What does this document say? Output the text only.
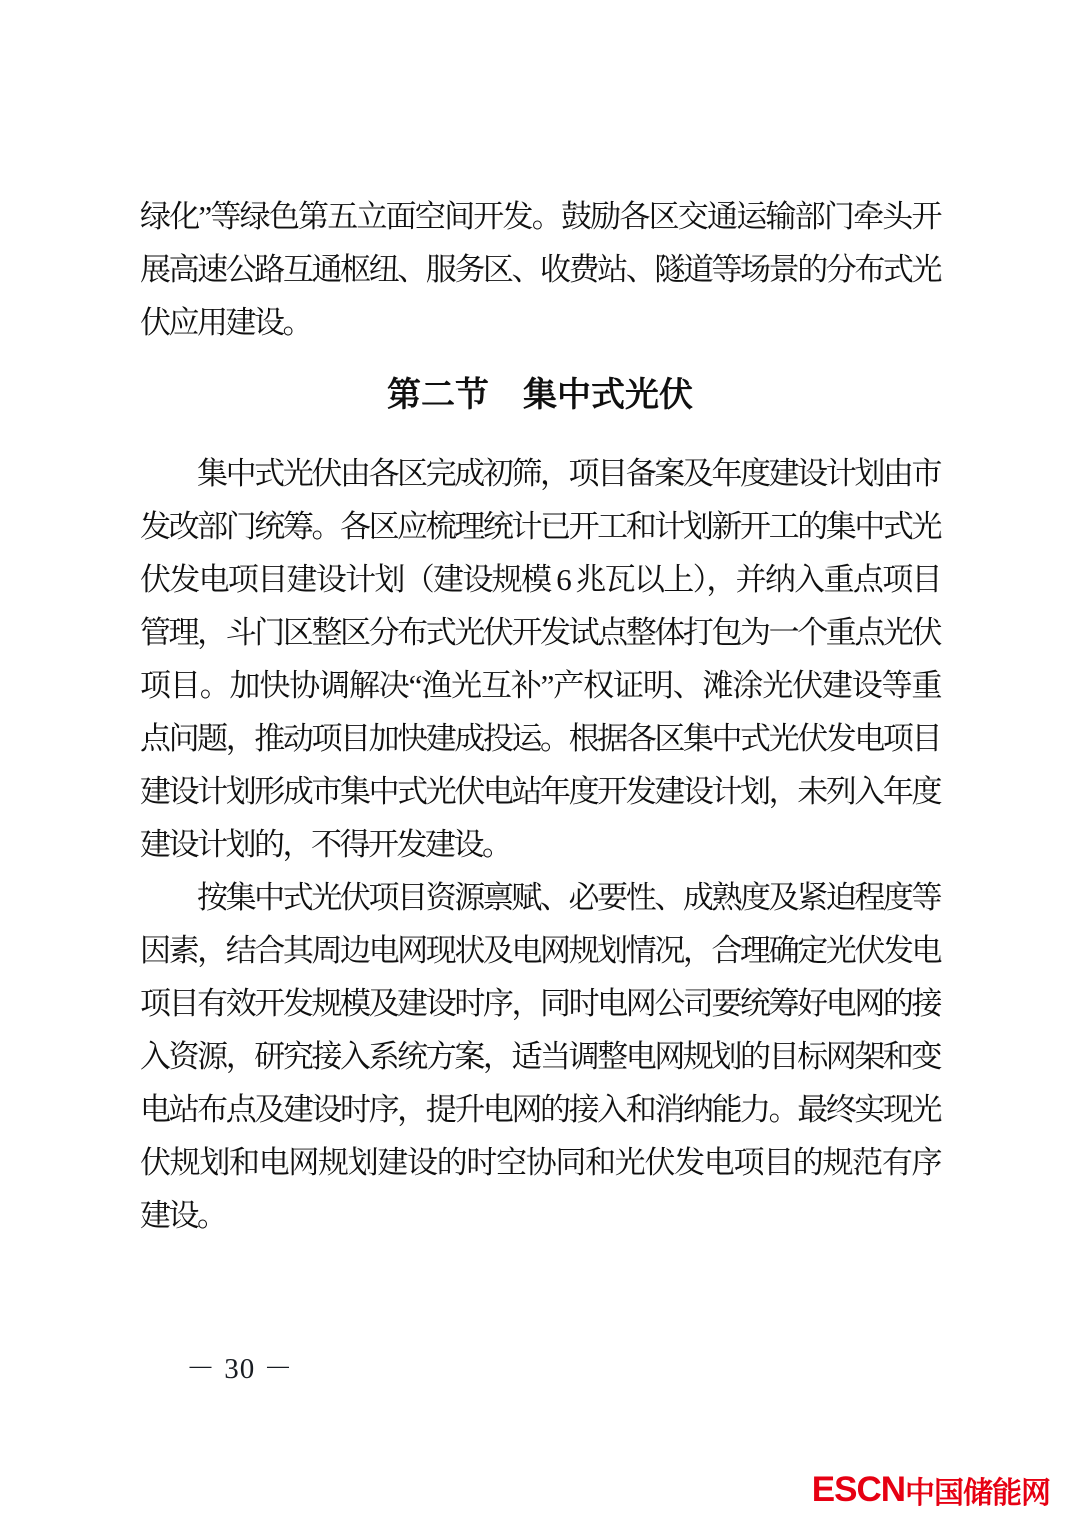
绿化”等绿色第五立面空间开发。鼓励各区交通运输部门牵头开
展高速公路互通枢纽、服务区、收费站、隧道等场景的分布式光
伏应用建设。
第二节　集中式光伏
集中式光伏由各区完成初筛，项目备案及年度建设计划由市
发改部门统筹。各区应梳理统计已开工和计划新开工的集中式光
伏发电项目建设计划（建设规模 6 兆瓦以上），并纳入重点项目
管理，斗门区整区分布式光伏开发试点整体打包为一个重点光伏
项目。加快协调解决“渔光互补”产权证明、滩涂光伏建设等重
点问题，推动项目加快建成投运。根据各区集中式光伏发电项目
建设计划形成市集中式光伏电站年度开发建设计划，未列入年度
建设计划的，不得开发建设。
按集中式光伏项目资源禀赋、必要性、成熟度及紧迫程度等
因素，结合其周边电网现状及电网规划情况，合理确定光伏发电
项目有效开发规模及建设时序，同时电网公司要统筹好电网的接
入资源，研究接入系统方案，适当调整电网规划的目标网架和变
电站布点及建设时序，提升电网的接入和消纳能力。最终实现光
伏规划和电网规划建设的时空协同和光伏发电项目的规范有序
建设。
－ 30 －
ESCN 中国储能网
